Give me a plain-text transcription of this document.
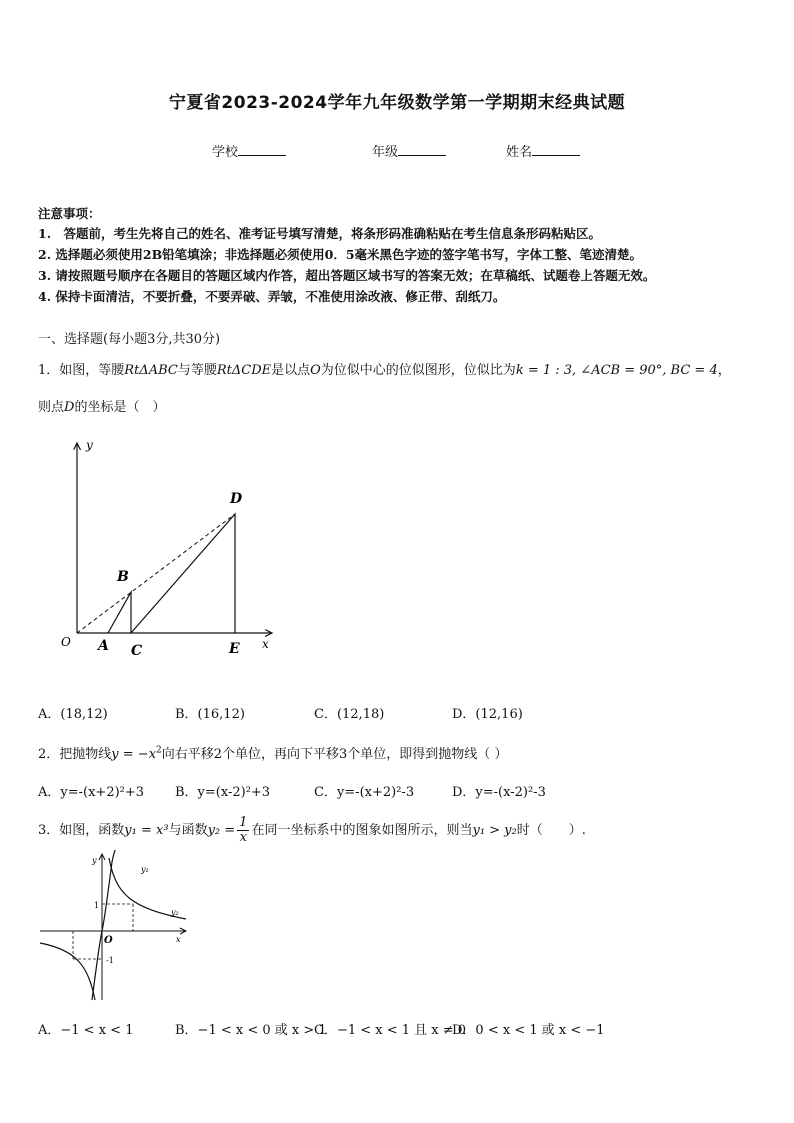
宁夏省2023-2024学年九年级数学第一学期期末经典试题
学校	年级	姓名
注意事项：
1.　答题前，考生先将自己的姓名、准考证号填写清楚，将条形码准确粘贴在考生信息条形码粘贴区。
2. 选择题必须使用2B铅笔填涂；非选择题必须使用0．5毫米黑色字迹的签字笔书写，字体工整、笔迹清楚。
3. 请按照题号顺序在各题目的答题区域内作答，超出答题区域书写的答案无效；在草稿纸、试题卷上答题无效。
4. 保持卡面清洁，不要折叠，不要弄破、弄皱，不准使用涂改液、修正带、刮纸刀。
一、选择题(每小题3分,共30分)
1．如图，等腰RtΔABC与等腰RtΔCDE是以点O为位似中心的位似图形，位似比为k = 1 : 3, ∠ACB = 90°, BC = 4，
则点D的坐标是（　）
y
x
O A
B
C
D
E
A．(18,12)	B．(16,12)	C．(12,18)	D．(12,16)
2．把抛物线$y = -x^2$向右平移2个单位，再向下平移3个单位，即得到抛物线（ ）
A．y=-(x+2)²+3 B．y=(x-2)²+3	C．y=-(x+2)²-3	D．y=-(x-2)²-3
3．如图，函数y₁ = x³与函数$y_2 = \frac{1}{x}$ 在同一坐标系中的图象如图所示，则当y₁ > y₂时（　　）.
y
x
O
1
-1
y₁
y₂
A．−1 < x < 1	B．−1 < x < 0 或 x > 1
C．−1 < x < 1 且 x ≠ 0
D．0 < x < 1 或 x < −1
